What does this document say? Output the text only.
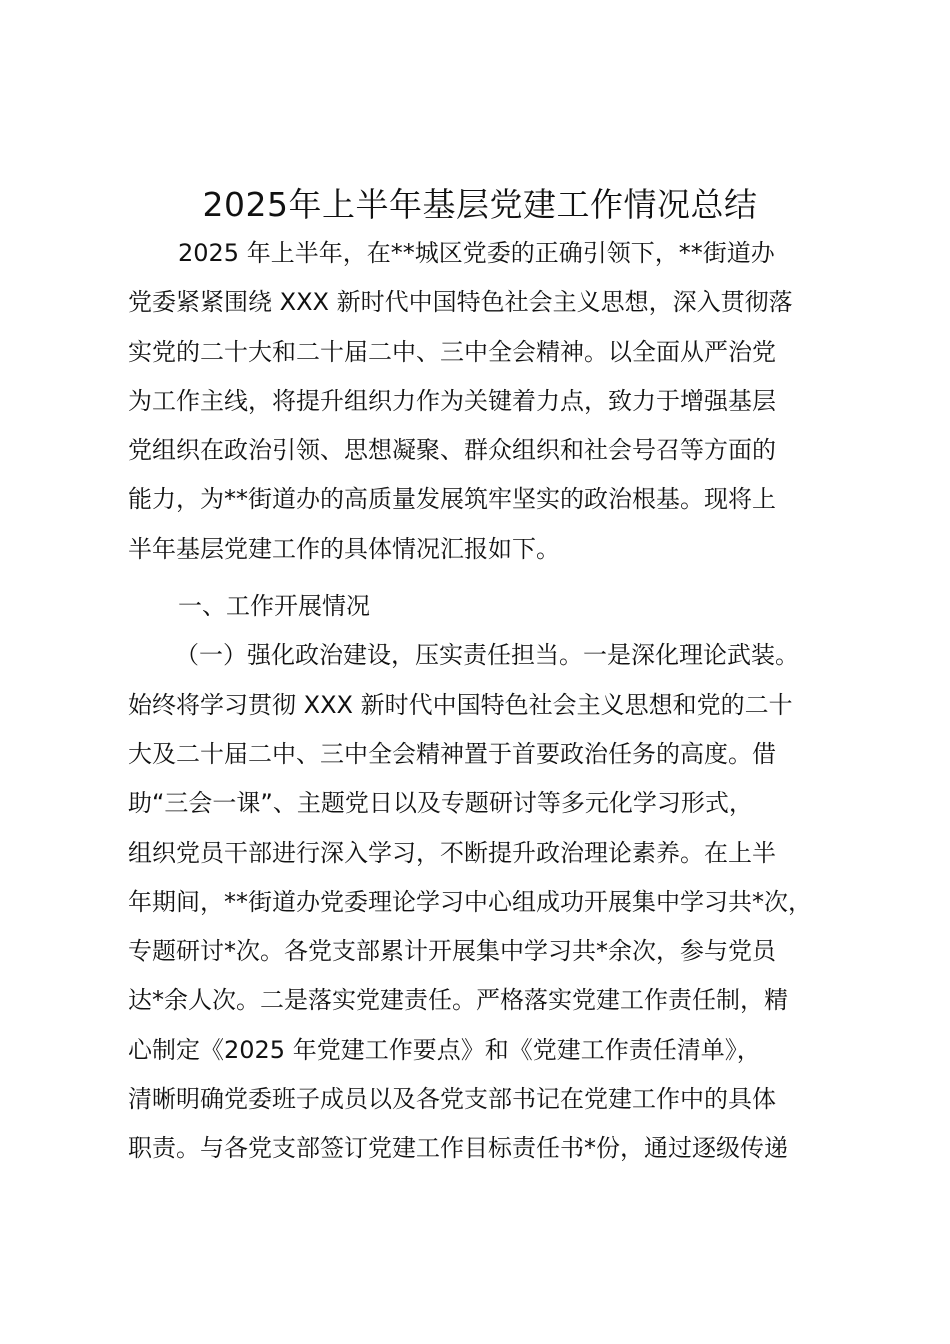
2025年上半年基层党建工作情况总结
2025 年上半年，在**城区党委的正确引领下，**街道办
党委紧紧围绕 XXX 新时代中国特色社会主义思想，深入贯彻落
实党的二十大和二十届二中、三中全会精神。以全面从严治党
为工作主线，将提升组织力作为关键着力点，致力于增强基层
党组织在政治引领、思想凝聚、群众组织和社会号召等方面的
能力，为**街道办的高质量发展筑牢坚实的政治根基。现将上
半年基层党建工作的具体情况汇报如下。
一、工作开展情况
（一）强化政治建设，压实责任担当。一是深化理论武装。
始终将学习贯彻 XXX 新时代中国特色社会主义思想和党的二十
大及二十届二中、三中全会精神置于首要政治任务的高度。借
助“三会一课”、主题党日以及专题研讨等多元化学习形式，
组织党员干部进行深入学习，不断提升政治理论素养。在上半
年期间，**街道办党委理论学习中心组成功开展集中学习共*次，
专题研讨*次。各党支部累计开展集中学习共*余次，参与党员
达*余人次。二是落实党建责任。严格落实党建工作责任制，精
心制定《2025 年党建工作要点》和《党建工作责任清单》，
清晰明确党委班子成员以及各党支部书记在党建工作中的具体
职责。与各党支部签订党建工作目标责任书*份，通过逐级传递
